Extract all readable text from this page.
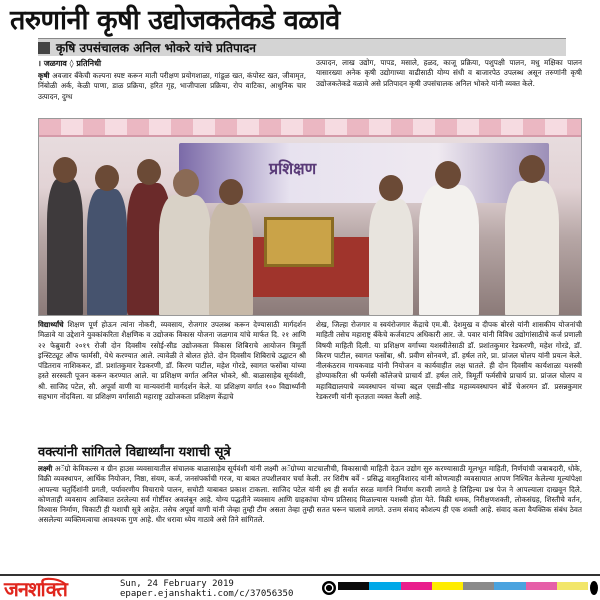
तरुणांनी कृषी उद्योजकतेकडे वळावे
कृषि उपसंचालक अनिल भोकरे यांचे प्रतिपादन
। जळगाव ◊ प्रतिनिधी

कृषी अवजार बँकेची कल्पना स्पष्ट करून माती परीक्षण प्रयोगशाळा, गांडूळ खत, कंपोस्ट खत, जीवामृत, निंबोळी अर्क, केळी पाणा, डाळ प्रक्रिया, हरित गृह, भाजीपाला प्रक्रिया, रोप वाटिका, आधुनिक चार उत्पादन, दुग्ध

उत्पादन, लाख उद्योग, पापड, मसाले, हळद, काजू प्रक्रिया, पशुपक्षी पालन, मधु मक्षिका पालन यासारख्या अनेक कृषी उद्योगाच्या वाढीसाठी योग्य संधी व बाजारपेठ उपलब्ध असून तरुणांनी कृषी उद्योजकतेकडे वळावे असे प्रतिपादन कृषी उपसंचालक अनिल भोकरे यांनी व्यक्त केले.

प्रशिक्षण

विद्यार्थ्यांचे शिक्षण पूर्ण होऊन त्यांना नोकरी, व्यवसाय, रोजगार उपलब्ध करून देण्यासाठी मार्गदर्शन मिळावे या उद्देशाने युवकांकरिता शैक्षणिक व उद्योजक विकास योजना जळगाव यांचे मार्फत दि. २१ आणि २२ फेब्रुवारी २०१९ रोजी दोन दिवसीय रसोई-सीड उद्योजकता विकास शिबिराचे आयोजन त्रिमूर्ती इन्स्टिट्यूट ऑफ फार्मसी, येथे करण्यात आले. त्यावेळी ते बोलत होते. दोन दिवसीय शिबिराचे उद्घाटन श्री पंडितराव नाशिककर, डॉ. प्रशांतकुमार रेडकरणी, डॉ. किरण पाटील, महेश गोरडे, स्वागत फसोंबा यांच्या हस्ते सरस्वती पूजन करून करण्यात आले. या प्रशिक्षण वर्गात अनिल भोकरे, श्री. बाळासाहेब सूर्यवंशी, श्री. साजिद पटेल, सौ. अपूर्वा वाणी या मान्यवरांनी मार्गदर्शन केले. या प्रशिक्षण वर्गात १०० विद्यार्थ्यांनी सहभाग नोंदविला. या प्रशिक्षण वर्गासाठी महाराष्ट्र उद्योजकता प्रशिक्षण केंद्राचे

शेख, जिल्हा रोजगार व स्वयंरोजगार केंद्राचे एम.बी. देशमुख व दीपक बोरसे यांनी शासकीय योजनांची माहिती तसेच महाराष्ट्र बँकेचे कर्जवाटप अधिकारी आर. जे. पवार यांनी विविध उद्योगांसाठीचे कर्ज प्रणाली विषयी माहिती दिली. या प्रशिक्षण वर्गाच्या यशस्वीतेसाठी डॉ. प्रशांतकुमार रेडकरणी, महेश गोरडे, डॉ. किरण पाटील, स्वागत फसोंबा, श्री. प्रवीण सोनवणे, डॉ. हर्षल तारे, प्रा. प्रांजल घोलप यांनी प्रयत्न केले. नीलकंठराव गायकवाड यांनी नियोजन व कार्यवाहीत लक्ष घातले. ही दोन दिवसीय कार्यशाळा यशस्वी होण्याकरिता श्री फर्मसी कॉलेजचे प्राचार्य डॉ. हर्षल तारे, त्रिमूर्ती फर्मसीचे प्राचार्य प्रा. प्रांजल घोलप व महाविद्यालयाचे व्यवस्थापन यांच्या बद्दल एसडी-सीड महाव्यवस्थापन बोर्डे चेअरमन डॉ. प्रसन्नकुमार रेडकरणी यांनी कृतज्ञता व्यक्त केली आहे.

वक्त्यांनी सांगितले विद्यार्थ्यांना यशाची सूत्रे

लक्ष्मी अॅग्रो केमिकल्स व ग्रीन हाउस व्यवसायातील संचालक बाळासाहेब सूर्यवंशी यांनी लक्ष्मी अॅग्रोच्या वाटचालीची, विकासाची माहिती देऊन उद्योग सुरु करण्यासाठी मूलभूत माहिती, निर्णयांची जबाबदारी, धोके, विक्री व्यवस्थापन, आर्थिक नियोजन, निष्ठा, संयम, कर्ज, जनसंपर्काची गरज, या बाबत तपशीलवार चर्चा केली. तर शिरीष बर्वे - प्रसिद्ध वास्तुविशारद यांनी कोणत्याही व्यवसायात आपण निश्चित केलेल्या मूल्यांपेक्षा आपल्या चतुर्दिशांनी प्रगती, पर्यावरणीय विचाराचे पालन, सचोटी याबाबत प्रकाश टाकला. साजिद पटेल यांनी क्ष्य ही सर्वात सरळ मार्गाने निर्माण करावी लागते हे लिहिल्या प्रश्न पेज ने आपल्याला दाखवून दिले. कोणताही व्यवसाय आजिबात ठरलेल्या सर्व गोष्टींवर अवलंबून आहे. योग्य पद्धतीने व्यवसाय आणि ग्राहकांचा योग्य प्रतिसाद मिळाल्यास यशस्वी होता येते. विक्री धमक, निरीक्षणशक्ती, लोकसंग्रह, शिस्तीचे वर्तन, विश्वास निर्माण, चिकाटी ही यशाची सूत्रे आहेत. तसेच अपूर्वा वाणी यांनी जेव्हा तुम्ही टीम असता तेव्हा तुम्ही सतत घरून चालावे लागते. उत्तम संवाद कौशल्य ही एक शक्ती आहे. संवाद कला वैयक्तिक संबंध ठेवत असलेल्या व्यक्तिमत्वाचा आवश्यक गुण आहे. धीर धरावा ध्येय गाठावे असे तिने सांगितले.

जनशक्ति	Sun, 24 February 2019
epaper.ejanshakti.com/c/37056350
